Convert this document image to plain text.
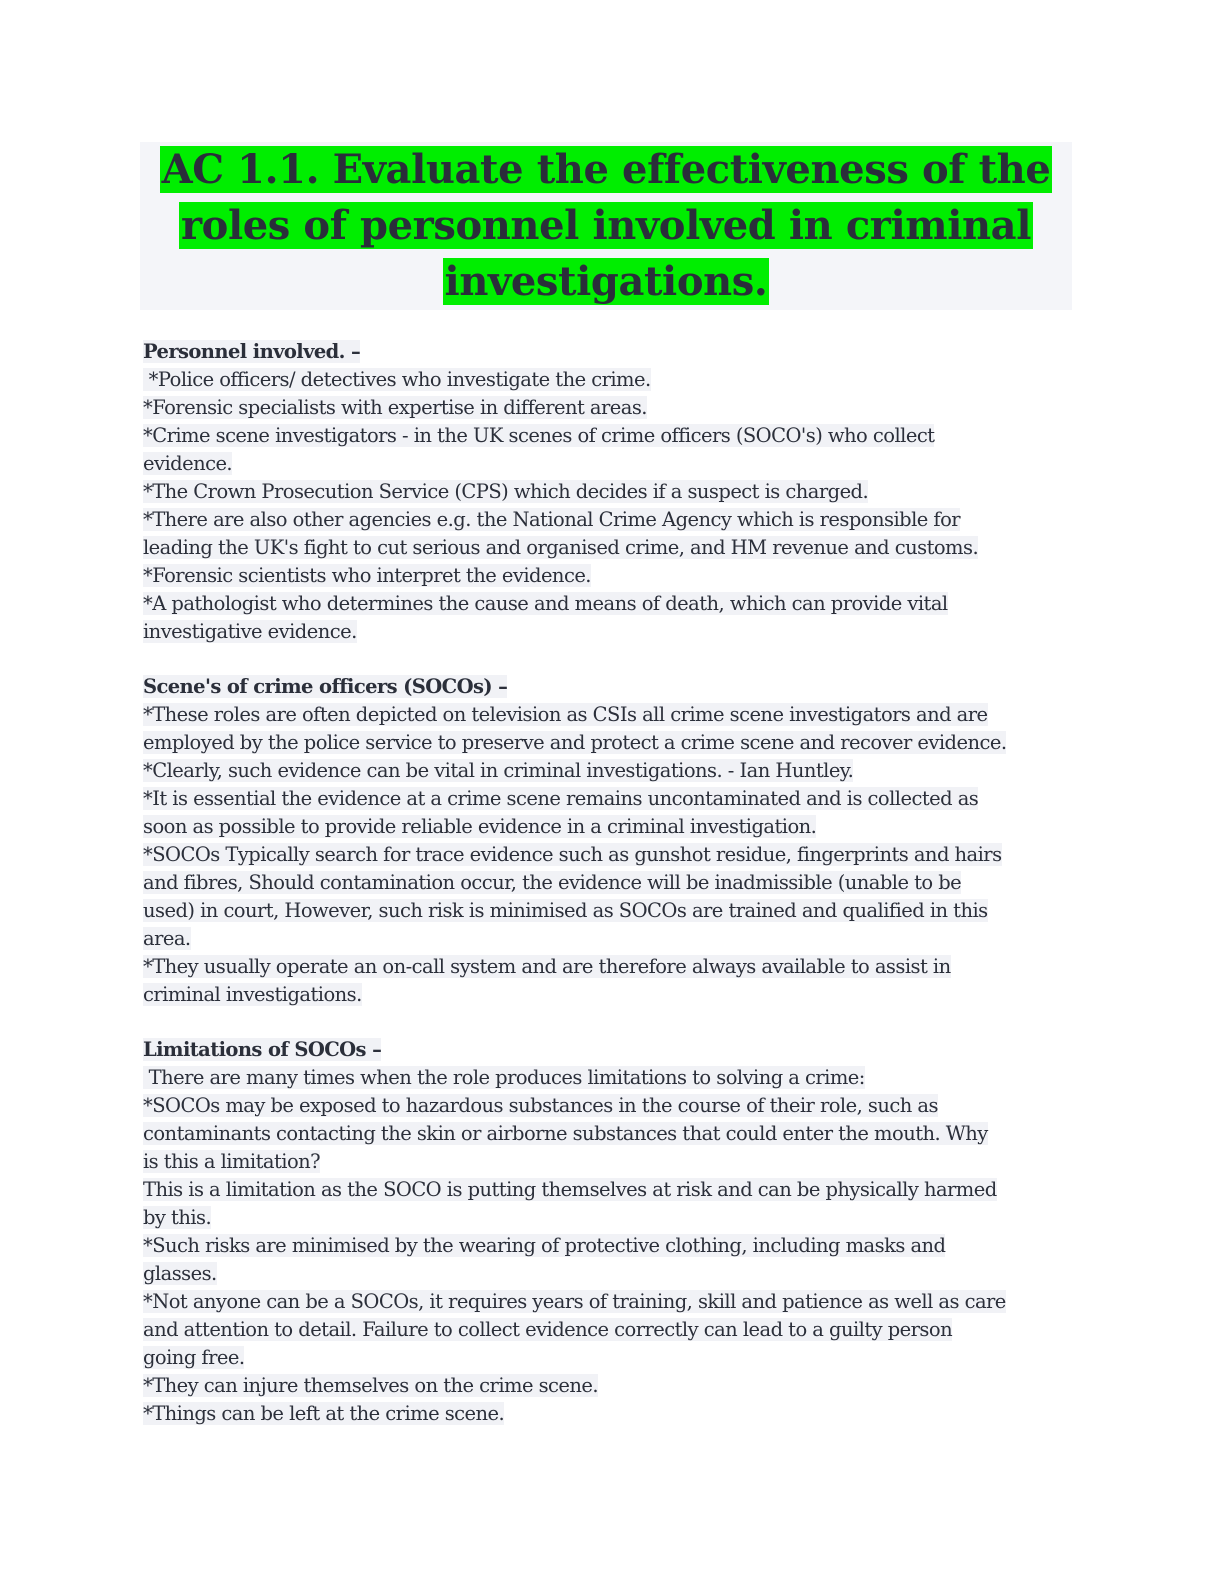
AC 1.1. Evaluate the effectiveness of the
roles of personnel involved in criminal
investigations.
Personnel involved. –
*Police officers/ detectives who investigate the crime.
*Forensic specialists with expertise in different areas.
*Crime scene investigators - in the UK scenes of crime officers (SOCO's) who collect
evidence.
*The Crown Prosecution Service (CPS) which decides if a suspect is charged.
*There are also other agencies e.g. the National Crime Agency which is responsible for
leading the UK's fight to cut serious and organised crime, and HM revenue and customs.
*Forensic scientists who interpret the evidence.
*A pathologist who determines the cause and means of death, which can provide vital
investigative evidence.
Scene's of crime officers (SOCOs) –
*These roles are often depicted on television as CSIs all crime scene investigators and are
employed by the police service to preserve and protect a crime scene and recover evidence.
*Clearly, such evidence can be vital in criminal investigations. - Ian Huntley.
*It is essential the evidence at a crime scene remains uncontaminated and is collected as
soon as possible to provide reliable evidence in a criminal investigation.
*SOCOs Typically search for trace evidence such as gunshot residue, fingerprints and hairs
and fibres, Should contamination occur, the evidence will be inadmissible (unable to be
used) in court, However, such risk is minimised as SOCOs are trained and qualified in this
area.
*They usually operate an on-call system and are therefore always available to assist in
criminal investigations.
Limitations of SOCOs –
There are many times when the role produces limitations to solving a crime:
*SOCOs may be exposed to hazardous substances in the course of their role, such as
contaminants contacting the skin or airborne substances that could enter the mouth. Why
is this a limitation?
This is a limitation as the SOCO is putting themselves at risk and can be physically harmed
by this.
*Such risks are minimised by the wearing of protective clothing, including masks and
glasses.
*Not anyone can be a SOCOs, it requires years of training, skill and patience as well as care
and attention to detail. Failure to collect evidence correctly can lead to a guilty person
going free.
*They can injure themselves on the crime scene.
*Things can be left at the crime scene.
